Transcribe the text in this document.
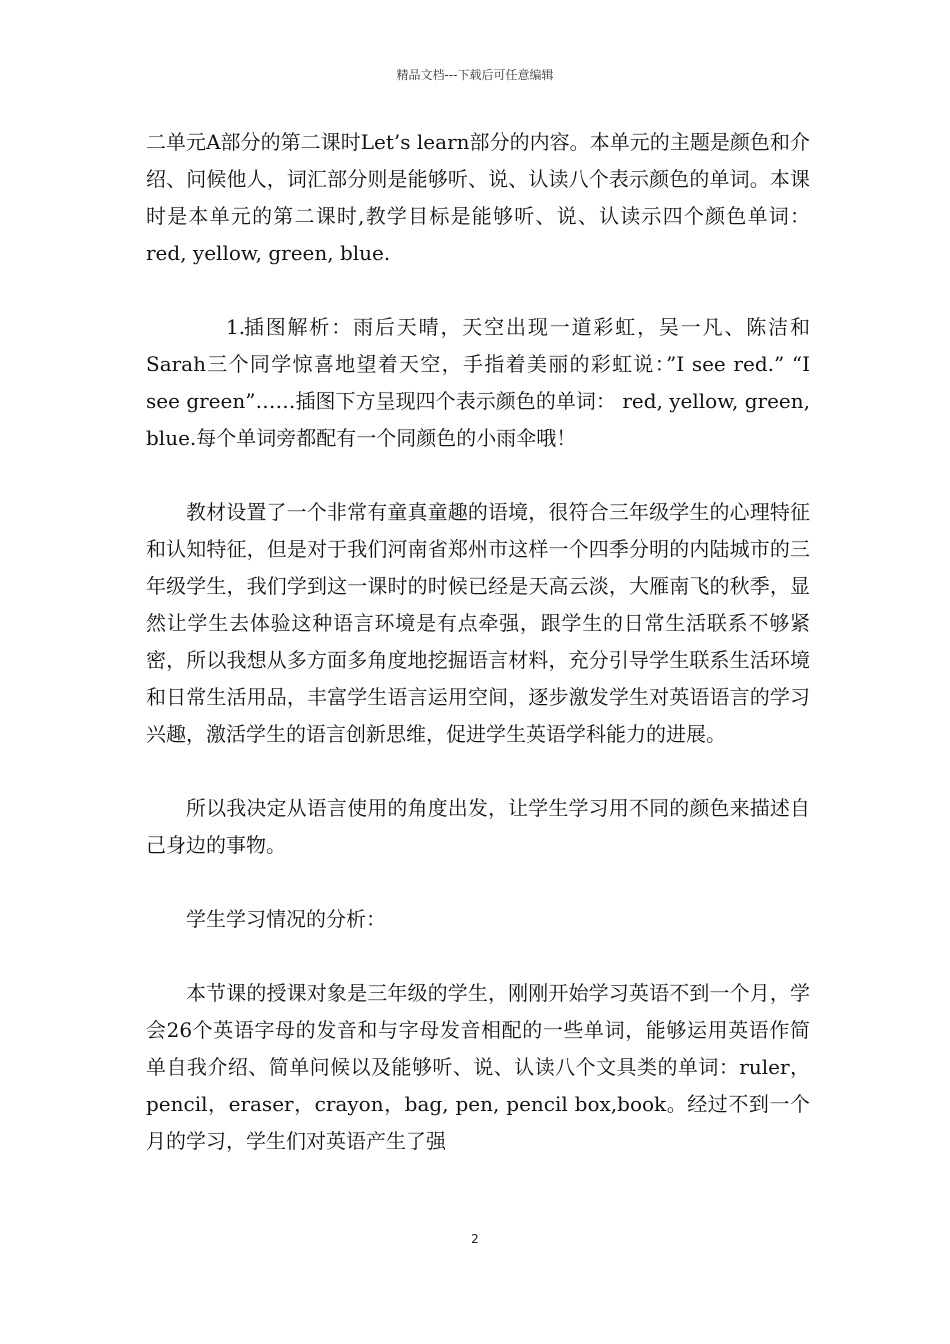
精品文档---下载后可任意编辑

二单元A部分的第二课时Let’s learn部分的内容。本单元的主题是颜色和介绍、问候他人，词汇部分则是能够听、说、认读八个表示颜色的单词。本课时是本单元的第二课时,教学目标是能够听、说、认读示四个颜色单词：red, yellow, green, blue.

1.插图解析：雨后天晴，天空出现一道彩虹，吴一凡、陈洁和Sarah三个同学惊喜地望着天空，手指着美丽的彩虹说：”I see red.” “I see green”……插图下方呈现四个表示颜色的单词： red, yellow, green, blue.每个单词旁都配有一个同颜色的小雨伞哦！

教材设置了一个非常有童真童趣的语境，很符合三年级学生的心理特征和认知特征，但是对于我们河南省郑州市这样一个四季分明的内陆城市的三年级学生，我们学到这一课时的时候已经是天高云淡，大雁南飞的秋季，显然让学生去体验这种语言环境是有点牵强，跟学生的日常生活联系不够紧密，所以我想从多方面多角度地挖掘语言材料，充分引导学生联系生活环境和日常生活用品，丰富学生语言运用空间，逐步激发学生对英语语言的学习兴趣，激活学生的语言创新思维，促进学生英语学科能力的进展。

所以我决定从语言使用的角度出发，让学生学习用不同的颜色来描述自己身边的事物。

学生学习情况的分析：

本节课的授课对象是三年级的学生，刚刚开始学习英语不到一个月，学会26个英语字母的发音和与字母发音相配的一些单词，能够运用英语作简单自我介绍、简单问候以及能够听、说、认读八个文具类的单词：ruler，pencil，eraser，crayon，bag, pen, pencil box,book。经过不到一个月的学习，学生们对英语产生了强

2
